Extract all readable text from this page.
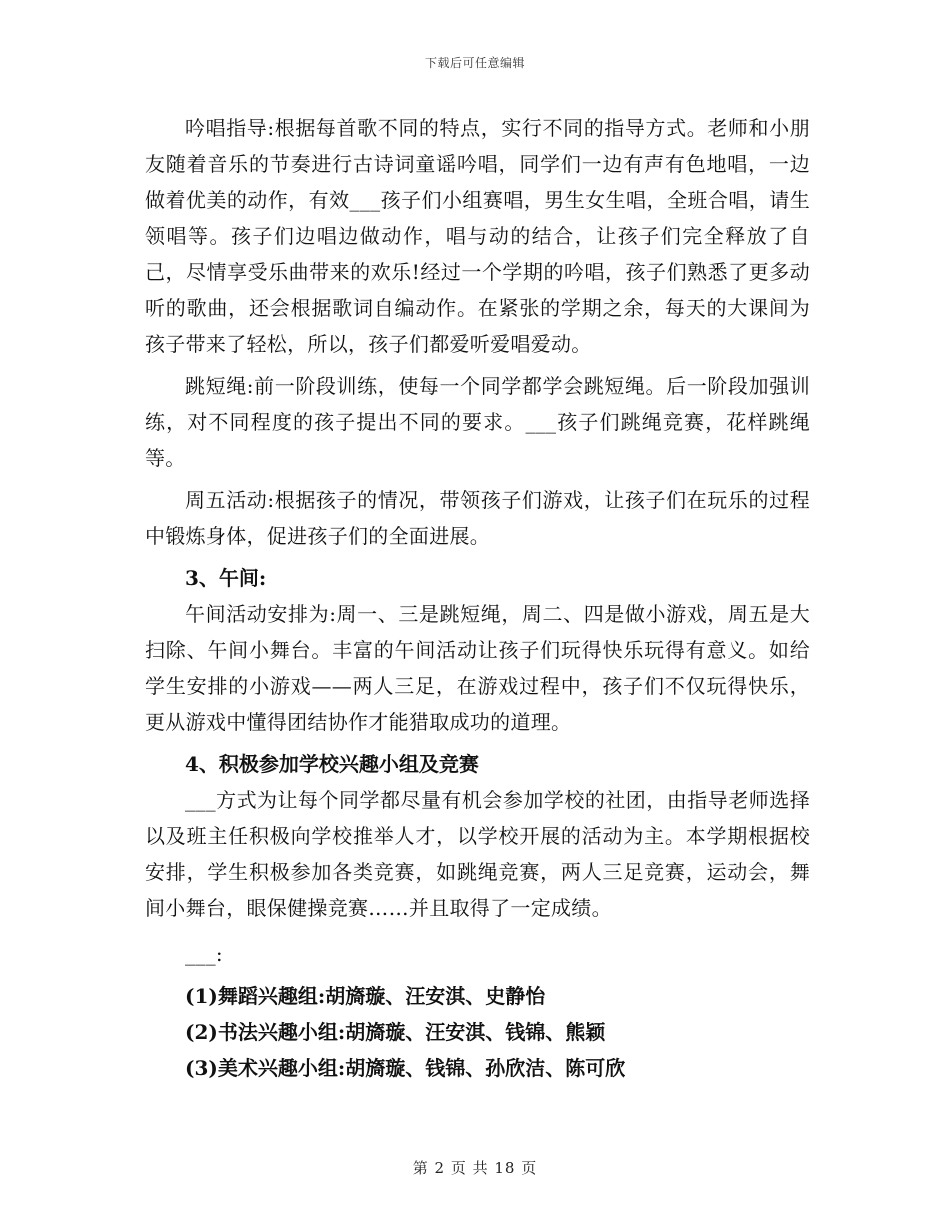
下载后可任意编辑

吟唱指导:根据每首歌不同的特点，实行不同的指导方式。老师和小朋友随着音乐的节奏进行古诗词童谣吟唱，同学们一边有声有色地唱，一边做着优美的动作，有效___孩子们小组赛唱，男生女生唱，全班合唱，请生领唱等。孩子们边唱边做动作，唱与动的结合，让孩子们完全释放了自己，尽情享受乐曲带来的欢乐!经过一个学期的吟唱，孩子们熟悉了更多动听的歌曲，还会根据歌词自编动作。在紧张的学期之余，每天的大课间为孩子带来了轻松，所以，孩子们都爱听爱唱爱动。

跳短绳:前一阶段训练，使每一个同学都学会跳短绳。后一阶段加强训练，对不同程度的孩子提出不同的要求。___孩子们跳绳竞赛，花样跳绳等。

周五活动:根据孩子的情况，带领孩子们游戏，让孩子们在玩乐的过程中锻炼身体，促进孩子们的全面进展。

3、午间:

午间活动安排为:周一、三是跳短绳，周二、四是做小游戏，周五是大扫除、午间小舞台。丰富的午间活动让孩子们玩得快乐玩得有意义。如给学生安排的小游戏——两人三足，在游戏过程中，孩子们不仅玩得快乐，更从游戏中懂得团结协作才能猎取成功的道理。

4、积极参加学校兴趣小组及竞赛

___方式为让每个同学都尽量有机会参加学校的社团，由指导老师选择以及班主任积极向学校推举人才，以学校开展的活动为主。本学期根据校安排，学生积极参加各类竞赛，如跳绳竞赛，两人三足竞赛，运动会，舞间小舞台，眼保健操竞赛……并且取得了一定成绩。

___:

(1)舞蹈兴趣组:胡旖璇、汪安淇、史静怡

(2)书法兴趣小组:胡旖璇、汪安淇、钱锦、熊颖

(3)美术兴趣小组:胡旖璇、钱锦、孙欣洁、陈可欣

第 2 页 共 18 页
